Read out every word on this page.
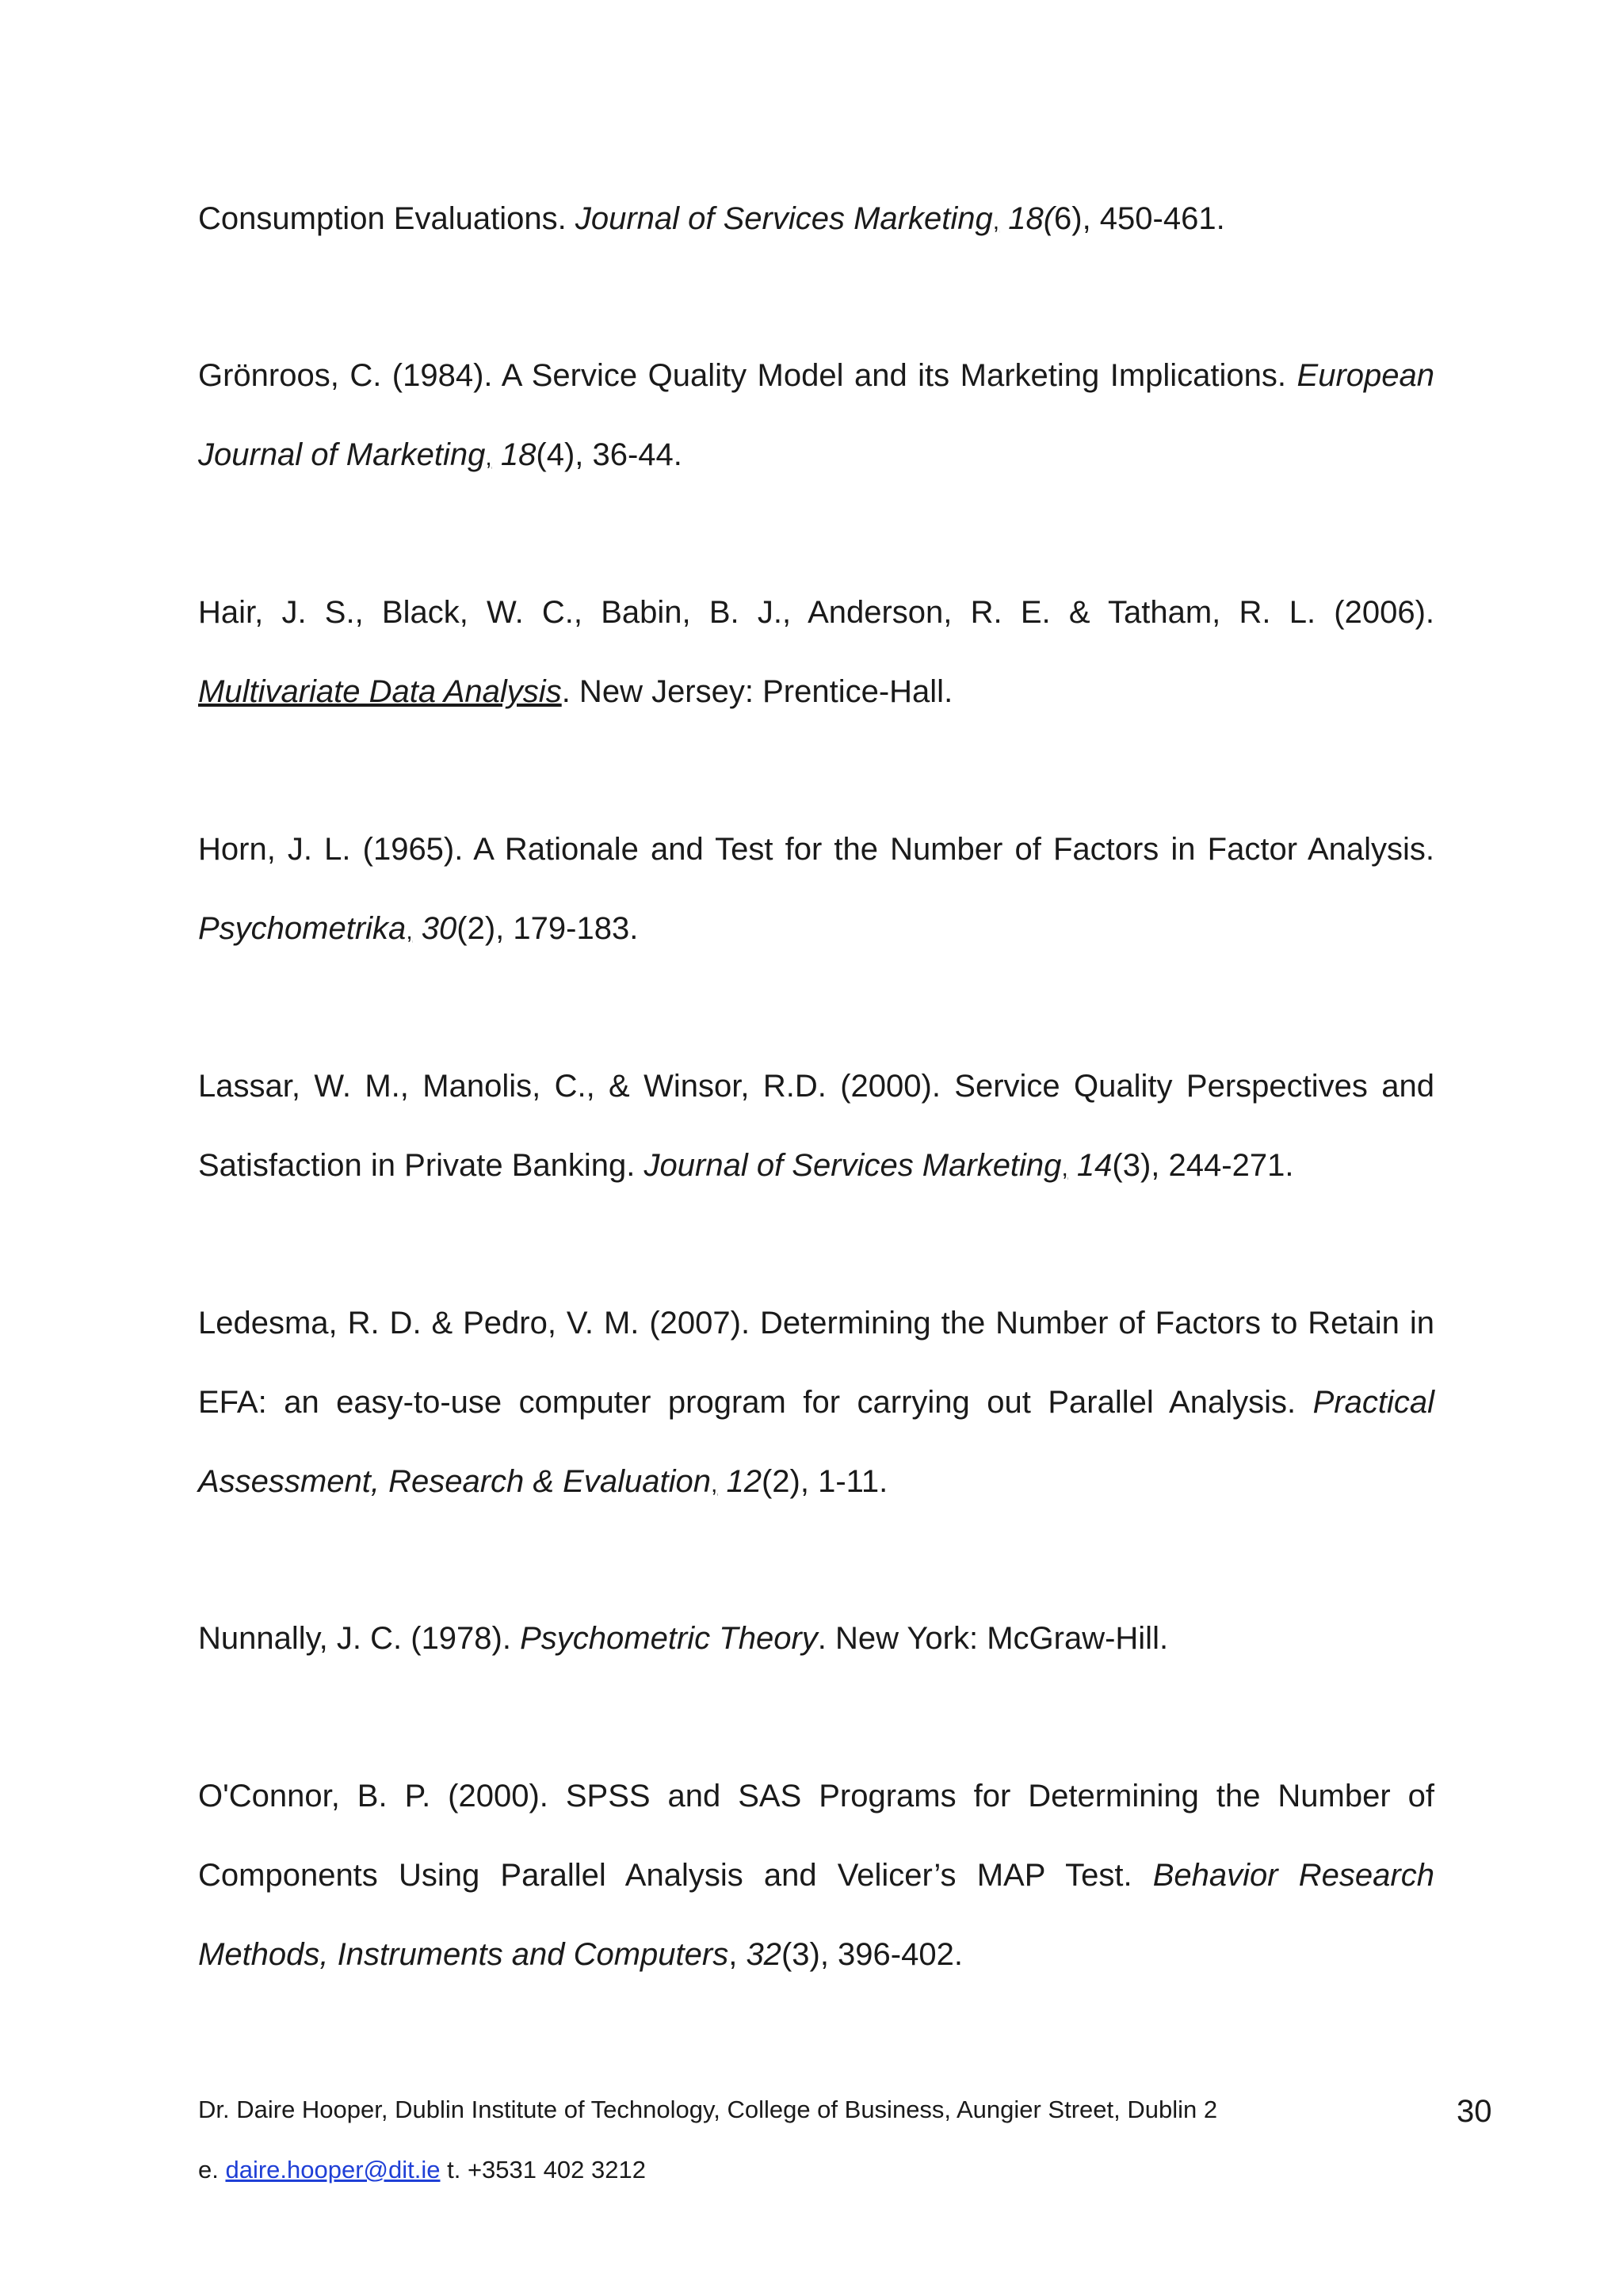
Consumption Evaluations. Journal of Services Marketing, 18(6), 450-461.
Grönroos, C. (1984). A Service Quality Model and its Marketing Implications. European Journal of Marketing, 18(4), 36-44.
Hair, J. S., Black, W. C., Babin, B. J., Anderson, R. E. & Tatham, R. L. (2006). Multivariate Data Analysis. New Jersey: Prentice-Hall.
Horn, J. L. (1965). A Rationale and Test for the Number of Factors in Factor Analysis. Psychometrika, 30(2), 179-183.
Lassar, W. M., Manolis, C., & Winsor, R.D. (2000). Service Quality Perspectives and Satisfaction in Private Banking. Journal of Services Marketing, 14(3), 244-271.
Ledesma, R. D. & Pedro, V. M. (2007). Determining the Number of Factors to Retain in EFA: an easy-to-use computer program for carrying out Parallel Analysis. Practical Assessment, Research & Evaluation, 12(2), 1-11.
Nunnally, J. C. (1978). Psychometric Theory. New York: McGraw-Hill.
O'Connor, B. P. (2000). SPSS and SAS Programs for Determining the Number of Components Using Parallel Analysis and Velicer’s MAP Test. Behavior Research Methods, Instruments and Computers, 32(3), 396-402.
Dr. Daire Hooper, Dublin Institute of Technology, College of Business, Aungier Street, Dublin 2
e. daire.hooper@dit.ie t. +3531 402 3212
30
